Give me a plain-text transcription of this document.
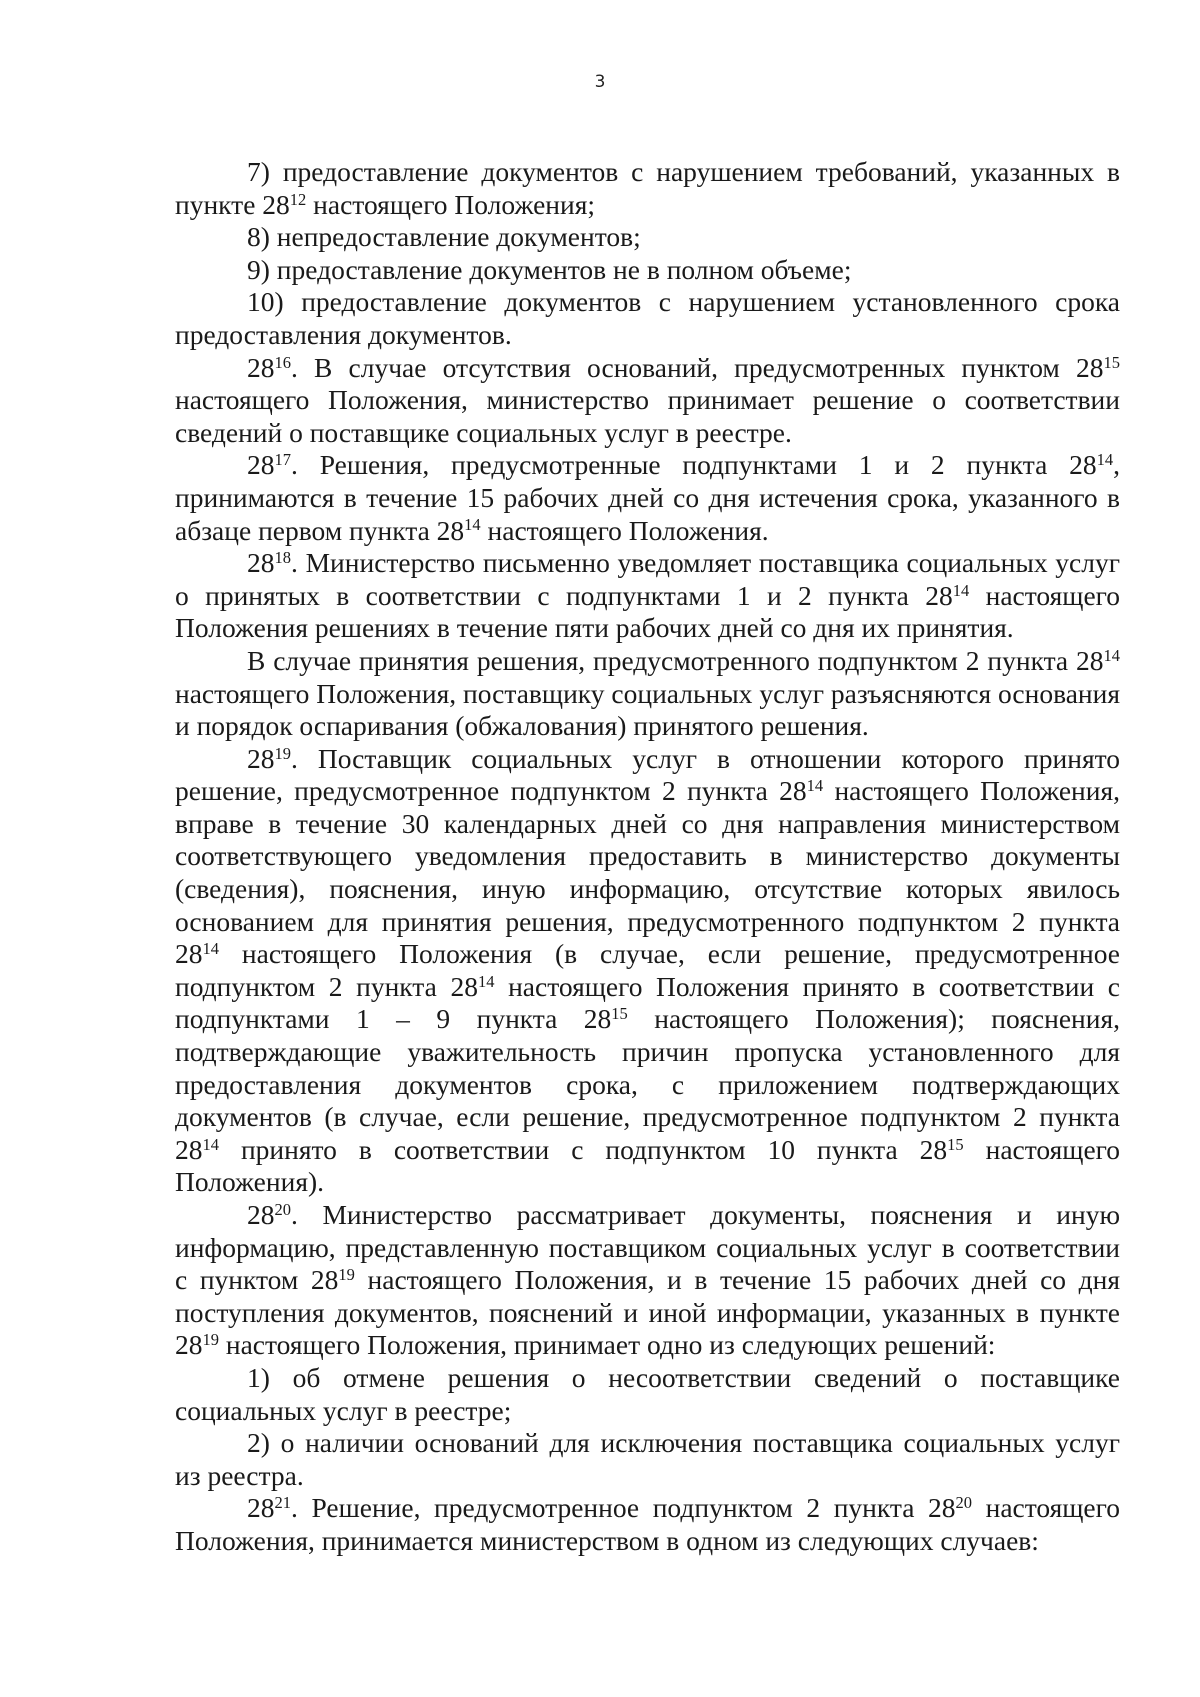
3

7) предоставление документов с нарушением требований, указанных в пункте $28^{12}$ настоящего Положения;

8) непредоставление документов;

9) предоставление документов не в полном объеме;

10) предоставление документов с нарушением установленного срока предоставления документов.

$28^{16}$. В случае отсутствия оснований, предусмотренных пунктом $28^{15}$ настоящего Положения, министерство принимает решение о соответствии сведений о поставщике социальных услуг в реестре.

$28^{17}$. Решения, предусмотренные подпунктами 1 и 2 пункта $28^{14}$, принимаются в течение 15 рабочих дней со дня истечения срока, указанного в абзаце первом пункта $28^{14}$ настоящего Положения.

$28^{18}$. Министерство письменно уведомляет поставщика социальных услуг о принятых в соответствии с подпунктами 1 и 2 пункта $28^{14}$ настоящего Положения решениях в течение пяти рабочих дней со дня их принятия.

В случае принятия решения, предусмотренного подпунктом 2 пункта $28^{14}$ настоящего Положения, поставщику социальных услуг разъясняются основания и порядок оспаривания (обжалования) принятого решения.

$28^{19}$. Поставщик социальных услуг в отношении которого принято решение, предусмотренное подпунктом 2 пункта $28^{14}$ настоящего Положения, вправе в течение 30 календарных дней со дня направления министерством соответствующего уведомления предоставить в министерство документы (сведения), пояснения, иную информацию, отсутствие которых явилось основанием для принятия решения, предусмотренного подпунктом 2 пункта $28^{14}$ настоящего Положения (в случае, если решение, предусмотренное подпунктом 2 пункта $28^{14}$ настоящего Положения принято в соответствии с подпунктами 1 – 9 пункта $28^{15}$ настоящего Положения); пояснения, подтверждающие уважительность причин пропуска установленного для предоставления документов срока, с приложением подтверждающих документов (в случае, если решение, предусмотренное подпунктом 2 пункта $28^{14}$ принято в соответствии с подпунктом 10 пункта $28^{15}$ настоящего Положения).

$28^{20}$. Министерство рассматривает документы, пояснения и иную информацию, представленную поставщиком социальных услуг в соответствии с пунктом $28^{19}$ настоящего Положения, и в течение 15 рабочих дней со дня поступления документов, пояснений и иной информации, указанных в пункте $28^{19}$ настоящего Положения, принимает одно из следующих решений:

1) об отмене решения о несоответствии сведений о поставщике социальных услуг в реестре;

2) о наличии оснований для исключения поставщика социальных услуг из реестра.

$28^{21}$. Решение, предусмотренное подпунктом 2 пункта $28^{20}$ настоящего Положения, принимается министерством в одном из следующих случаев:
